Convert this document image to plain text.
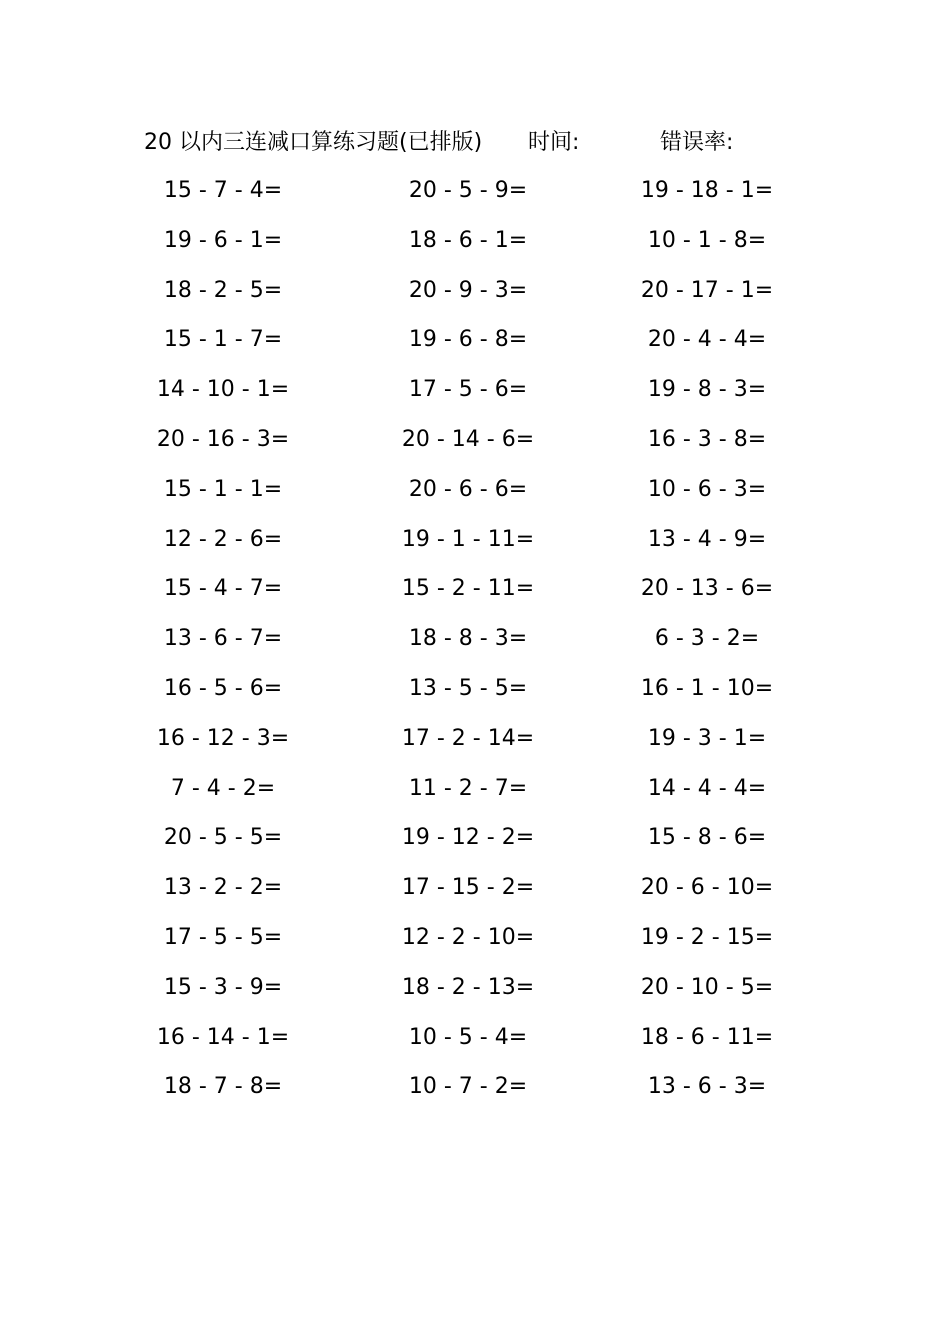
20 以内三连减口算练习题(已排版) 时间:	错误率:
15 - 7 - 4=	20 - 5 - 9=	19 - 18 - 1=
19 - 6 - 1=	18 - 6 - 1=	10 - 1 - 8=
18 - 2 - 5=	20 - 9 - 3=	20 - 17 - 1=
15 - 1 - 7=	19 - 6 - 8=	20 - 4 - 4=
14 - 10 - 1=	17 - 5 - 6=	19 - 8 - 3=
20 - 16 - 3=	20 - 14 - 6=	16 - 3 - 8=
15 - 1 - 1=	20 - 6 - 6=	10 - 6 - 3=
12 - 2 - 6=	19 - 1 - 11=	13 - 4 - 9=
15 - 4 - 7=	15 - 2 - 11=	20 - 13 - 6=
13 - 6 - 7=	18 - 8 - 3=	6 - 3 - 2=
16 - 5 - 6=	13 - 5 - 5=	16 - 1 - 10=
16 - 12 - 3=	17 - 2 - 14=	19 - 3 - 1=
7 - 4 - 2=	11 - 2 - 7=	14 - 4 - 4=
20 - 5 - 5=	19 - 12 - 2=	15 - 8 - 6=
13 - 2 - 2=	17 - 15 - 2=	20 - 6 - 10=
17 - 5 - 5=	12 - 2 - 10=	19 - 2 - 15=
15 - 3 - 9=	18 - 2 - 13=	20 - 10 - 5=
16 - 14 - 1=	10 - 5 - 4=	18 - 6 - 11=
18 - 7 - 8=	10 - 7 - 2=	13 - 6 - 3=
